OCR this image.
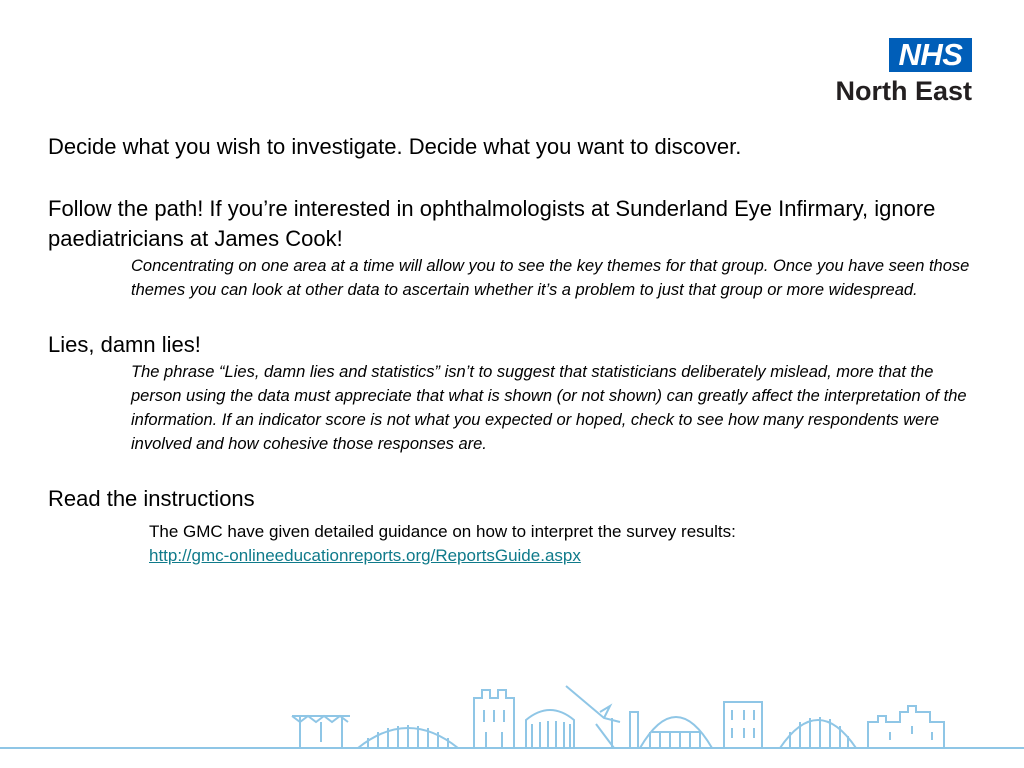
NHS
North East

Decide what you wish to investigate. Decide what you want to discover.

Follow the path! If you’re interested in ophthalmologists at Sunderland Eye Infirmary, ignore paediatricians at James Cook!

Concentrating on one area at a time will allow you to see the key themes for that group. Once you have seen those themes you can look at other data to ascertain whether it’s a problem to just that group or more widespread.

Lies, damn lies!

The phrase “Lies, damn lies and statistics” isn’t to suggest that statisticians deliberately mislead, more that the person using the data must appreciate that what is shown (or not shown) can greatly affect the interpretation of the information. If an indicator score is not what you expected or hoped, check to see how many respondents were involved and how cohesive those responses are.

Read the instructions

The GMC have given detailed guidance on how to interpret the survey results:
http://gmc-onlineeducationreports.org/ReportsGuide.aspx
